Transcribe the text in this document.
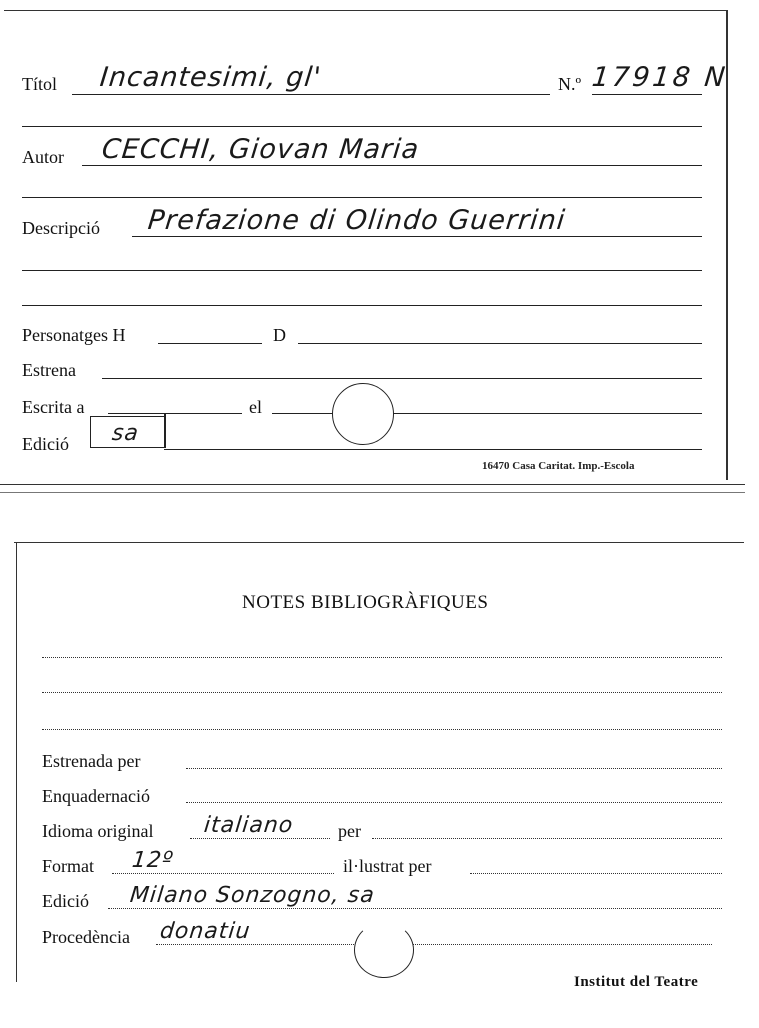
Títol Incantesimi, gl'	N.º 17918 N
Autor CECCHI, Giovan Maria
Descripció Prefazione di Olindo Guerrini
Personatges H	D
Estrena
Escrita a	el
Edició sa
16470 Casa Caritat. Imp.-Escola
NOTES BIBLIOGRÀFIQUES
Estrenada per
Enquadernació
Idioma original italiano per
Format 12º	il·lustrat per
Edició Milano Sonzogno, sa
Procedència donatiu
Institut del Teatre
